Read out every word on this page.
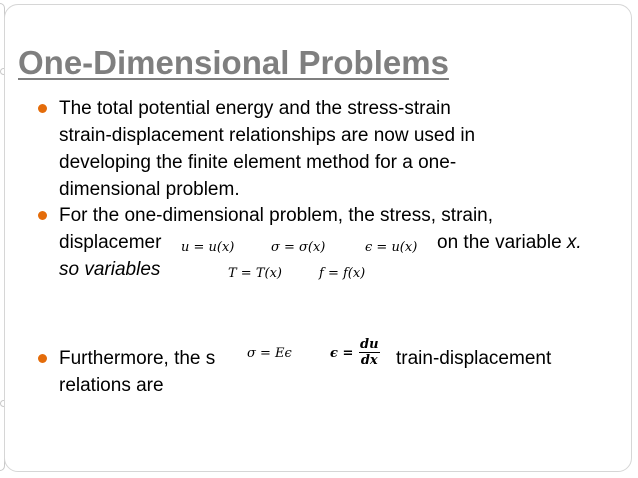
One-Dimensional Problems
The total potential energy and the stress-strain
strain-displacement relationships are now used in
developing the finite element method for a one-
dimensional problem.
For the one-dimensional problem, the stress, strain,
displacemer	on the variable x.
so variables
Furthermore, the s	train-displacement
relations are
u = u(x)	σ = σ(x)	ϵ = u(x)
T = T(x)	f = f(x)
σ = Eϵ	$\epsilon = \frac{du}{dx}$
